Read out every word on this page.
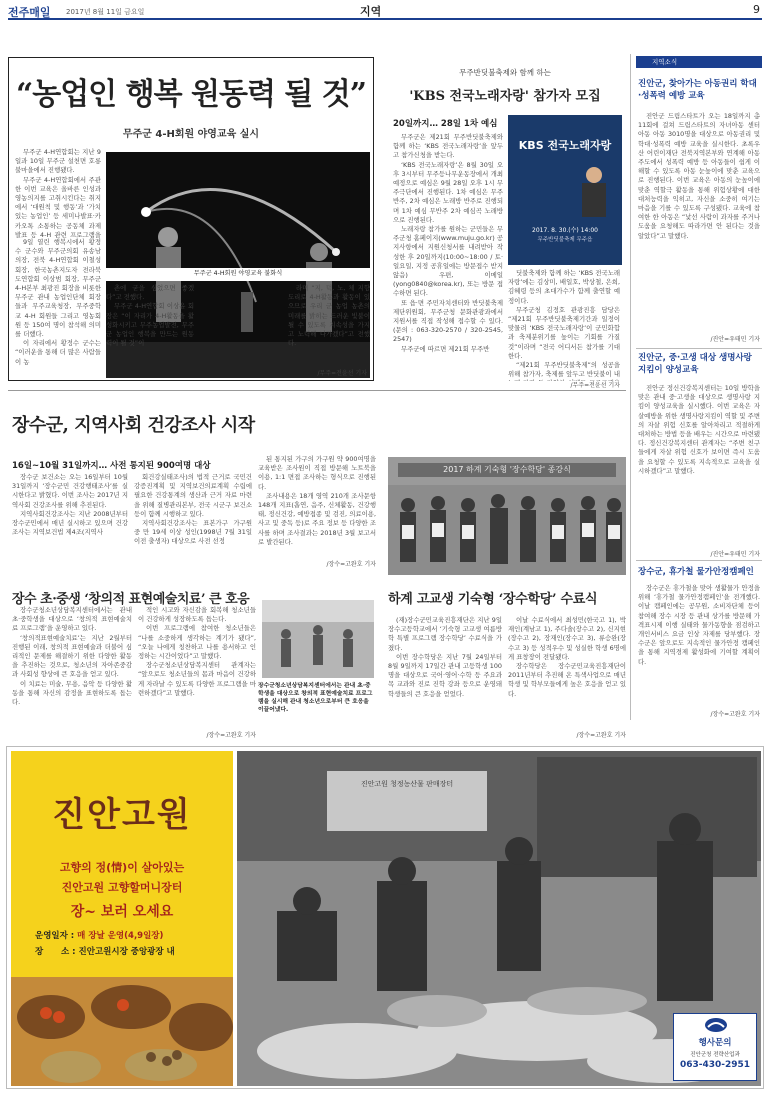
전주매일 2017년 8월 11일 금요일	지역	9
“농업인 행복 원동력 될 것”
무주군 4-H회원 야영교육 실시

무주군 4-H연합회는 지난 9일과 10일 무주군 설천면 호롱불마을에서 진행됐다.

무주군 4-H연합회에서 주관한 이번 교육은 올바른 인성과 영농의지를 고취시킨다는 취지에서 ‘대원칙 및 행동’과 ‘가치 있는 농업인’ 등 세미나발표·카카오톡 소통하는 공동체 과제 발표 등 4-H 관련 프로그램을

무주군 4-H회원 야영교육 불화식

9일 열린 행복시에서 황정수 군수와 무주군의회 유송남 의장, 전북 4-H연합회 이철성 회장, 한국농촌지도자 전라북도연합회 이상범 회장, 무주군 4-H본부 최광진 회장을 비롯한 무주군 관내 농업인단체 회장들과 무주교육청장, 무주중학교 4-H 회원들 그리고 영농회원 등 150여 명이 참석해 의미를 더했다.

이 자리에서 황정수 군수는 “이러운을 통해 더 많은 사람들이 농

촌에 굳을 심었으면 좋겠다”고 전했다.

무주군 4-H연합회 이상윤 회장은 “이 자리가 4-H활동을 활성화시키고 무주농업발전, 무주군 농업인 행복을 만드는 원동력이 될 것”이

라며 “지, 덕, 노, 체 지향도리로 4-H활동과 활동이 있으므로 우리 군 농업 농촌의 미래를 밝히는 드러운 빛불이 될 수 있도록 지속성을 가지고 노력해 나가겠다”고 전했다.

/무주=전윤선 기자
무주반딧불축제와 함께 하는
'KBS 전국노래자랑' 참가자 모집
20일까지… 28일 1차 예심

무주군은 제21회 무주반딧불축제와 함께 하는 ‘KBS 전국노래자랑’을 앞두고 참가신청을 받는다.

‘KBS 전국노래자랑’은 8월 30일 오후 3시부터 무주등나무운동장에서 개최예정으로 예심은 9월 28일 오후 1시 무주극단에서 진행된다. 1차 예심은 무주반주, 2차 예심은 노래방 반주로 진행되며 1차 예심 무반주 2차 예심곡 노래방으로 진행된다.

노래자랑 참가를 원하는 군민들은 무주군청 홈페이지(www.muju.go.kr) 공지사항에서 지원신청서를 내려받아 작성한 후 20일까지(10:00~18:00 / 토·일요일, 지정 공휴일에는 방문접수 받지 않음) 우편, 이메일(yong0840@korea.kr), 또는 방문 접수하면 된다.

또 읍·면 주민자치센터와 반딧불축제제단위원회, 무주군청 문화관광과에서 지원서를 직접 작성해 접수할 수 있다. (문의 : 063-320-2570 / 320-2545, 2547)

무주군에 따르면 제21회 무주반

KBS 전국노래자랑
2017. 8. 30.(수) 14:00
무주반딧불축제 무주읍

딧불축제와 함께 하는 ‘KBS 전국노래자랑’에는 김상미, 배일호, 박상철, 은희, 김혜령 등의 초대가수가 함께 출연할 예정이다.

무주군청 김정호 관광진흥 담당은 “제21회 무주반딧불축제기간과 일정이 맞물려 ‘KBS 전국노래자랑’이 군민화합과 축제분위기를 높이는 기회를 가질 것”이라며 “전국 어디서든 참가를 기대한다.

“제21회 무주반딧불축제”의 성공을 위해 참가자, 축제를 앞두고 반딧불이 내

/무주=전윤선 기자
지역소식
진안군, 찾아가는 아동권리 학대·성폭력 예방 교육
진안군 드림스타트가 오는 18일까지 총 11회에 걸쳐 드림스타트의 자녀아동 센터 아동 아동 3010명을 대상으로 아동권리 및 학대·성폭력 예방 교육을 실시한다. 초록우산 어린이재단 전북지역본부와 연계해 아동주도에서 성폭력 예방 등 아동들이 쉽게 이해할 수 있도록 아동 눈높이에 맞춘 교육으로 진행된다. 이번 교육은 아동의 눈높이에 맞춘 역할극 활동을 통해 위험상황에 대한 대처능력을 익히고, 자신을 소중히 여기는 마음을 기를 수 있도록 구성됐다. 교육에 참여한 한 아동은 “낯선 사람이 과자를 주거나 도움을 요청해도 따라가면 안 된다는 것을 알았다”고 말했다.
/진안=우태민 기자
진안군, 중·고생 대상 생명사랑 지킴이 양성교육
진안군 정신건강복지센터는 10일 방학을 맞은 관내 중·고생을 대상으로 생명사랑 지킴이 양성교육을 실시했다. 이번 교육은 자살예방을 위한 생명사랑지킴이 역할 및 주변의 자살 위험 신호를 알아차리고 적절하게 대처하는 방법 등을 배우는 시간으로 마련됐다. 정신건강복지센터 관계자는 “주변 친구들에게 자살 위험 신호가 보이면 즉시 도움을 요청할 수 있도록 지속적으로 교육을 실시하겠다”고 말했다.
/진안=우태민 기자
장수군, 휴가철 물가안정캠페인
장수군은 휴가철을 맞아 생활물가 안정을 위해 ‘휴가철 물가안정캠페인’을 전개했다. 이날 캠페인에는 공무원, 소비자단체 등이 참여해 장수 시장 등 관내 상가를 방문해 가격표시제 이행 실태와 물가동향을 점검하고 개인서비스 요금 인상 자제를 당부했다. 장수군은 앞으로도 지속적인 물가안정 캠페인을 통해 지역경제 활성화에 기여할 계획이다.
/장수=고완호 기자
장수군, 지역사회 건강조사 시작
16일~10월 31일까지… 사전 통지된 900여명 대상

장수군 보건소는 오는 16일부터 10월 31일까지 ‘장수군민 건강행태조사’를 실시한다고 밝혔다. 이번 조사는 2017년 지역사회 건강조사를 위해 추진된다.

지역사회건강조사는 지난 2008년부터 장수군민에서 매년 실시하고 있으며 건강조사는 지역보건법 제4조(지역사

회건강실태조사)의 법적 근거로 국민건강증진계획 및 지역보건의료계획 수립에 필요한 건강통계의 생산과 근거 자료 마련을 위해 질병관리본부, 전국 시군구 보건소 등이 함께 시행하고 있다.

지역사회건강조사는 표본가구 가구원 중 만 19세 이상 성인(1998년 7월 31일 이전 출생자) 대상으로 사전 선정

된 통지된 가구의 가구원 약 900여명을 교육받은 조사원이 직접 방문해 노트북을 이용, 1:1 면접 조사하는 형식으로 진행된다.

조사내용은 18개 영역 210개 조사문항 148개 지표(흡연, 음주, 신체활동, 건강행태, 정신건강, 예방접종 및 검진, 의료이용, 사고 및 중독 등)로 주요 정보 등 다양한 조사를 하며 조사결과는 2018년 3월 보고서로 발간된다.

/장수=고완호 기자
2017 하계 기숙형 '장수학당' 종강식
장수 초·중생 ‘창의적 표현예술치료’ 큰 호응

장수군청소년상담복지센터에서는 관내 초·중학생을 대상으로 ‘창의적 표현예술치료 프로그램’을 운영하고 있다.

‘창의적표현예술치료’는 지난 2월부터 진행된 이래, 창의적 표현예술과 더불어 심리적인 문제를 해결하기 위한 다양한 활동을 추진하는 것으로, 청소년의 자아존중감과 사회성 향상에 큰 호응을 얻고 있다.

이 치료는 미술, 무용, 음악 등 다양한 활동을 통해 자신의 감정을 표현하도록 돕는다.

적인 시고와 자신감을 회복해 청소년들이 건강하게 성장하도록 돕는다.

이번 프로그램에 참여한 청소년들은 “나를 소중하게 생각하는 계기가 됐다”, “오늘 나에게 칭찬하고 나를 용서하고 인정하는 시간이었다”고 말했다.

장수군청소년상담복지센터 관계자는 “앞으로도 청소년들의 몸과 마음이 건강하게 자라날 수 있도록 다양한 프로그램을 마련하겠다”고 말했다.

/장수=고완호 기자
장수군청소년상담복지센터에서는 관내 초·중학생을 대상으로 창의적 표현예술치료 프로그램을 실시해 관내 청소년으로부터 큰 호응을 이끌어냈다.
하계 고교생 기숙형 ‘장수학당’ 수료식

(재)장수군민교육진흥재단은 지난 9일 장수고등학교에서 ‘기숙형 고교생 여름방학 특별 프로그램 장수학당’ 수료식을 가졌다.

이번 장수학당은 지난 7월 24일부터 8월 9일까지 17일간 관내 고등학생 100명을 대상으로 국어·영어·수학 등 주요과목 교과와 진로 진학 강좌 등으로 운영돼 학생들의 큰 호응을 얻었다.

이날 수료식에서 최성민(한국고 1), 박재인(계남고 1), 주다솔(장수고 2), 신지현(장수고 2), 장재인(장수고 3), 류승완(장수고 3) 등 성적우수 및 성실한 학생 6명에게 표창장이 전달됐다.

장수학당은 장수군민교육진흥재단이 2011년부터 추진해 온 특색사업으로 매년 학생 및 학부모들에게 높은 호응을 얻고 있다.

/장수=고완호 기자
진안고원
고향의 정(情)이 살아있는
진안고원 고향할머니장터
장~ 보러 오세요
운영일자 : 매 장날 운영(4,9일장)
장      소 : 진안고원시장 중앙광장 내
진안고원 청정농산물 판매장터
행사문의
진안군청 전략산업과
063-430-2951
